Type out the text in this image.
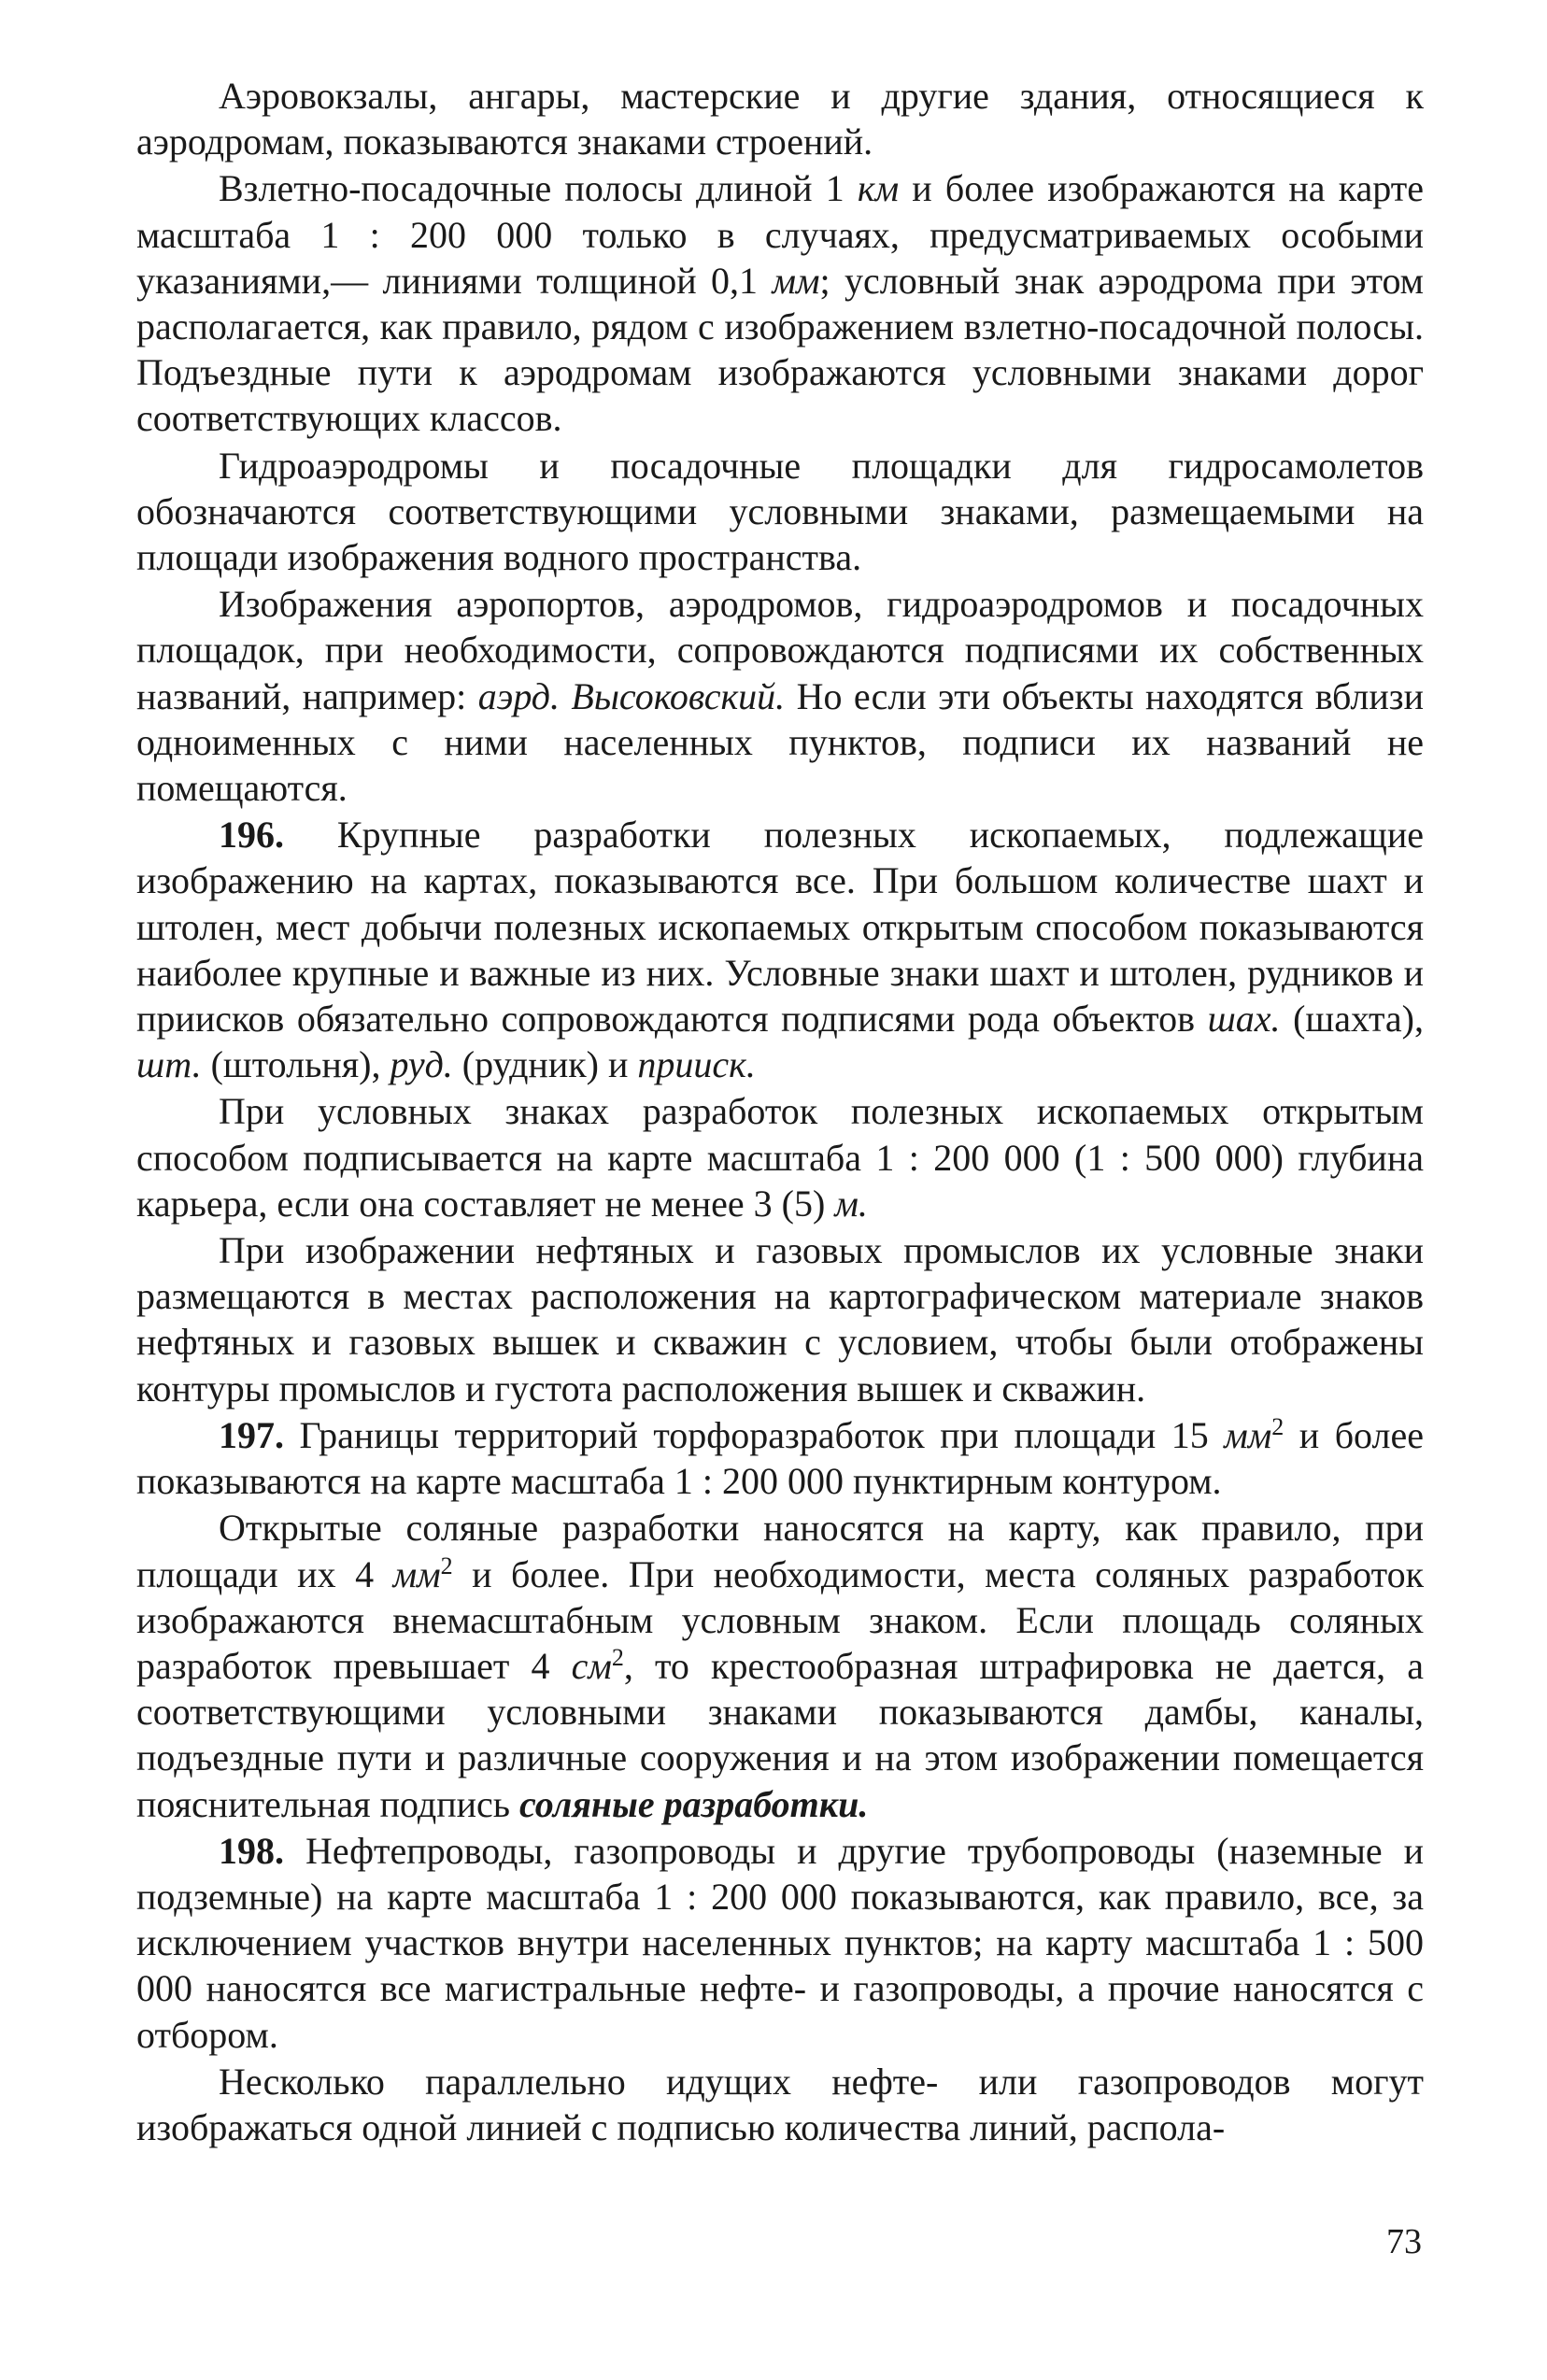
Аэровокзалы, ангары, мастерские и другие здания, относящиеся к аэродромам, показываются знаками строений.

Взлетно-посадочные полосы длиной 1 км и более изображаются на карте масштаба 1 : 200 000 только в случаях, предусматриваемых особыми указаниями,— линиями толщиной 0,1 мм; условный знак аэродрома при этом располагается, как правило, рядом с изображением взлетно-посадочной полосы. Подъездные пути к аэродромам изображаются условными знаками дорог соответствующих классов.

Гидроаэродромы и посадочные площадки для гидросамолетов обозначаются соответствующими условными знаками, размещаемыми на площади изображения водного пространства.

Изображения аэропортов, аэродромов, гидроаэродромов и посадочных площадок, при необходимости, сопровождаются подписями их собственных названий, например: аэрд. Высоковский. Но если эти объекты находятся вблизи одноименных с ними населенных пунктов, подписи их названий не помещаются.

196. Крупные разработки полезных ископаемых, подлежащие изображению на картах, показываются все. При большом количестве шахт и штолен, мест добычи полезных ископаемых открытым способом показываются наиболее крупные и важные из них. Условные знаки шахт и штолен, рудников и приисков обязательно сопровождаются подписями рода объектов шах. (шахта), шт. (штольня), руд. (рудник) и прииск.

При условных знаках разработок полезных ископаемых открытым способом подписывается на карте масштаба 1 : 200 000 (1 : 500 000) глубина карьера, если она составляет не менее 3 (5) м.

При изображении нефтяных и газовых промыслов их условные знаки размещаются в местах расположения на картографическом материале знаков нефтяных и газовых вышек и скважин с условием, чтобы были отображены контуры промыслов и густота расположения вышек и скважин.

197. Границы территорий торфоразработок при площади 15 $мм^2$ и более показываются на карте масштаба 1 : 200 000 пунктирным контуром.

Открытые соляные разработки наносятся на карту, как правило, при площади их 4 $мм^2$ и более. При необходимости, места соляных разработок изображаются внемасштабным условным знаком. Если площадь соляных разработок превышает 4 $см^2$, то крестообразная штрафировка не дается, а соответствующими условными знаками показываются дамбы, каналы, подъездные пути и различные сооружения и на этом изображении помещается пояснительная подпись соляные разработки.

198. Нефтепроводы, газопроводы и другие трубопроводы (наземные и подземные) на карте масштаба 1 : 200 000 показываются, как правило, все, за исключением участков внутри населенных пунктов; на карту масштаба 1 : 500 000 наносятся все магистральные нефте- и газопроводы, а прочие наносятся с отбором.

Несколько параллельно идущих нефте- или газопроводов могут изображаться одной линией с подписью количества линий, распола-

73
